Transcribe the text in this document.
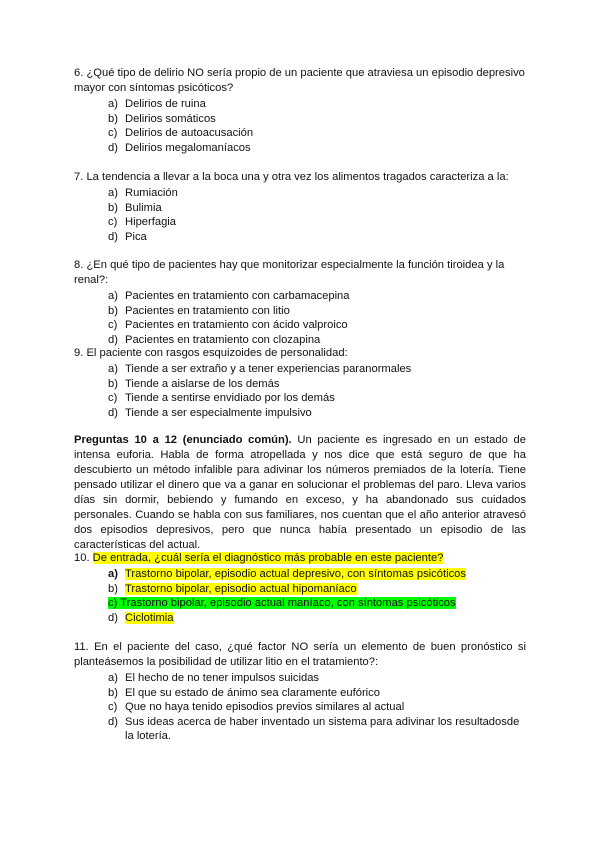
6. ¿Qué tipo de delirio NO sería propio de un paciente que atraviesa un episodio depresivo mayor con síntomas psicóticos?

a) Delirios de ruina
b) Delirios somáticos
c) Delirios de autoacusación
d) Delirios megalomaníacos

7. La tendencia a llevar a la boca una y otra vez los alimentos tragados caracteriza a la:

a) Rumiación
b) Bulimia
c) Hiperfagia
d) Pica

8. ¿En qué tipo de pacientes hay que monitorizar especialmente la función tiroidea y la renal?:

a) Pacientes en tratamiento con carbamacepina
b) Pacientes en tratamiento con litio
c) Pacientes en tratamiento con ácido valproico
d) Pacientes en tratamiento con clozapina

9. El paciente con rasgos esquizoides de personalidad:

a) Tiende a ser extraño y a tener experiencias paranormales
b) Tiende a aislarse de los demás
c) Tiende a sentirse envidiado por los demás
d) Tiende a ser especialmente impulsivo

Preguntas 10 a 12 (enunciado común). Un paciente es ingresado en un estado de intensa euforia. Habla de forma atropellada y nos dice que está seguro de que ha descubierto un método infalible para adivinar los números premiados de la lotería. Tiene pensado utilizar el dinero que va a ganar en solucionar el problemas del paro. Lleva varios días sin dormir, bebiendo y fumando en exceso, y ha abandonado sus cuidados personales. Cuando se habla con sus familiares, nos cuentan que el año anterior atravesó dos episodios depresivos, pero que nunca había presentado un episodio de las características del actual.

10. De entrada, ¿cuál sería el diagnóstico más probable en este paciente?

a) Trastorno bipolar, episodio actual depresivo, con síntomas psicóticos
b) Trastorno bipolar, episodio actual hipomaníaco
c) Trastorno bipolar, episodio actual maníaco, con síntomas psicóticos
d) Ciclotimia

11. En el paciente del caso, ¿qué factor NO sería un elemento de buen pronóstico si planteásemos la posibilidad de utilizar litio en el tratamiento?:

a) El hecho de no tener impulsos suicidas
b) El que su estado de ánimo sea claramente eufórico
c) Que no haya tenido episodios previos similares al actual
d) Sus ideas acerca de haber inventado un sistema para adivinar los resultadosde la lotería.
